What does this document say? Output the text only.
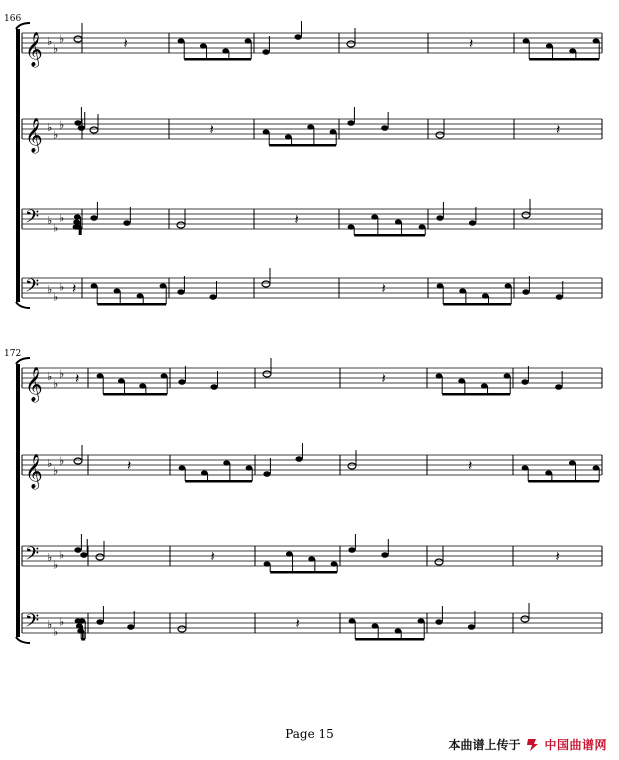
𝄞 ♭
♭
♭
𝄞 ♭
♭
♭
𝄢 ♭
♭
♭
𝄢 ♭
♭
♭ 𝄽
𝄽
𝄽
𝄽
𝄽
𝄽
𝄽
𝄞 ♭
♭
♭
𝄞 ♭
♭
♭
𝄢 ♭
♭
♭
𝄢 ♭
♭
♭
𝄽
𝄽
𝄽
𝄽
𝄽
𝄽
𝄽
166
172
Page 15
本曲谱上传于 中国曲谱网
